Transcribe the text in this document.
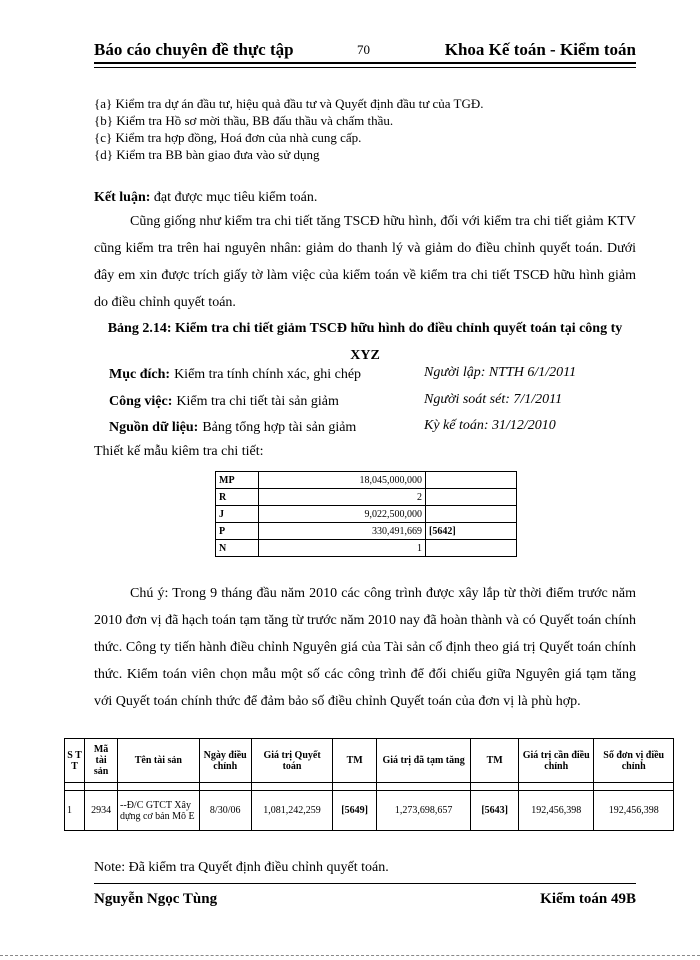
Báo cáo chuyên đề thực tập	70	Khoa Kế toán - Kiểm toán
{a} Kiểm tra dự án đầu tư, hiệu quả đầu tư và Quyết định đầu tư của TGĐ.
{b} Kiểm tra Hồ sơ mời thầu, BB đấu thầu và chấm thầu.
{c} Kiểm tra hợp đồng, Hoá đơn của nhà cung cấp.
{d} Kiểm tra BB bàn giao đưa vào sử dụng
Kết luận: đạt được mục tiêu kiểm toán.
Cũng giống như kiểm tra chi tiết tăng TSCĐ hữu hình, đối với kiểm tra chi tiết giảm KTV cũng kiểm tra trên hai nguyên nhân: giảm do thanh lý và giảm do điều chỉnh quyết toán. Dưới đây em xin được trích giấy tờ làm việc của kiểm toán về kiểm tra chi tiết TSCĐ hữu hình giảm do điều chỉnh quyết toán.
Bảng 2.14: Kiểm tra chi tiết giảm TSCĐ hữu hình do điều chỉnh quyết toán tại công ty XYZ
Mục đích: Kiểm tra tính chính xác, ghi chép	Người lập: NTTH 6/1/2011
Công việc: Kiểm tra chi tiết tài sản giảm	Người soát sét: 7/1/2011
Nguồn dữ liệu: Bảng tổng hợp tài sản giảm	Kỳ kế toán: 31/12/2010
Thiết kế mẫu kiêm tra chi tiết:
MP	18,045,000,000	
R	2	
J	9,022,500,000	
P	330,491,669	[5642]
N	1	
Chú ý: Trong 9 tháng đầu năm 2010 các công trình được xây lắp từ thời điểm trước năm 2010 đơn vị đã hạch toán tạm tăng từ trước năm 2010 nay đã hoàn thành và có Quyết toán chính thức. Công ty tiến hành điều chỉnh Nguyên giá của Tài sản cố định theo giá trị Quyết toán chính thức. Kiểm toán viên chọn mẫu một số các công trình để đối chiếu giữa Nguyên giá tạm tăng với Quyết toán chính thức để đảm bảo số điều chỉnh Quyết toán của đơn vị là phù hợp.
S T T	Mã tài sản	Tên tài sản	Ngày điều chỉnh	Giá trị Quyết toán	TM	Giá trị đã tạm tăng	TM	Giá trị cần điều chỉnh	Số đơn vị điều chỉnh

1	2934	--Đ/C GTCT Xây dựng cơ bản Mô E	8/30/06	1,081,242,259	[5649]	1,273,698,657	[5643]	192,456,398	192,456,398
Note: Đã kiểm tra Quyết định điều chỉnh quyết toán.
Nguyễn Ngọc Tùng	Kiểm toán 49B
